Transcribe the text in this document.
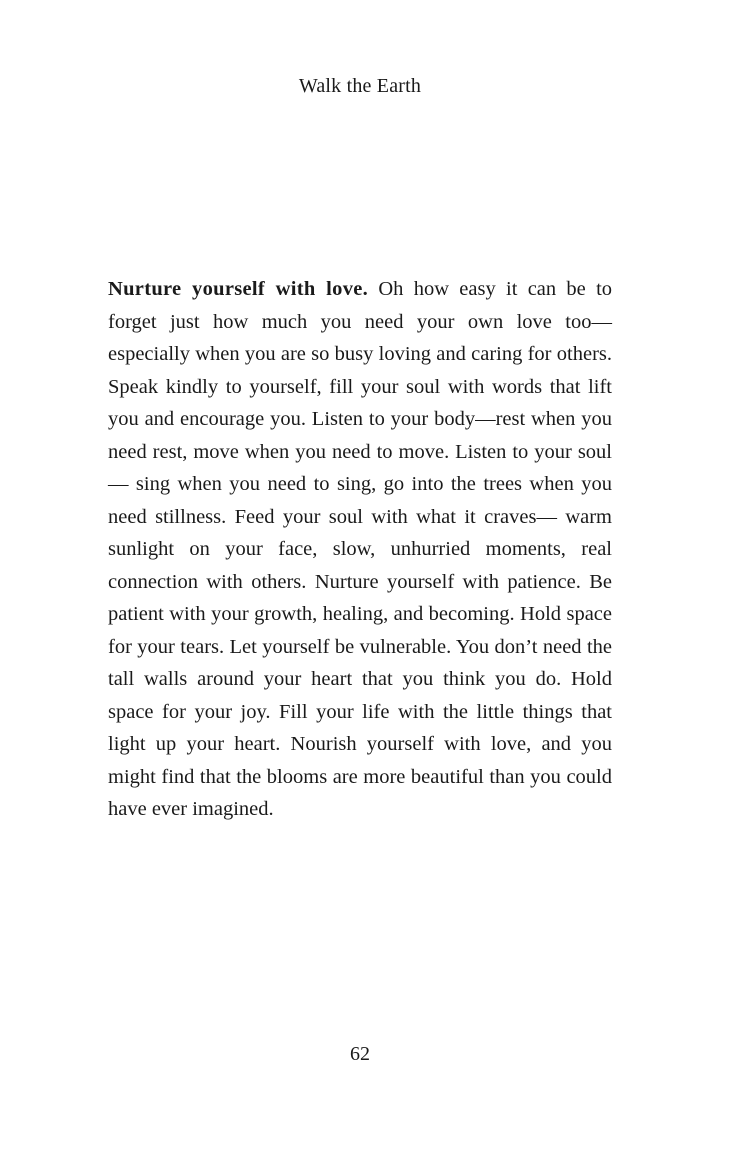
Walk the Earth

Nurture yourself with love. Oh how easy it can be to forget just how much you need your own love too—especially when you are so busy loving and caring for others. Speak kindly to yourself, fill your soul with words that lift you and encourage you. Listen to your body—rest when you need rest, move when you need to move. Listen to your soul— sing when you need to sing, go into the trees when you need stillness. Feed your soul with what it craves— warm sunlight on your face, slow, unhurried moments, real connection with others. Nurture yourself with patience. Be patient with your growth, healing, and becoming. Hold space for your tears. Let yourself be vulnerable. You don’t need the tall walls around your heart that you think you do. Hold space for your joy. Fill your life with the little things that light up your heart. Nourish yourself with love, and you might find that the blooms are more beautiful than you could have ever imagined.

62
